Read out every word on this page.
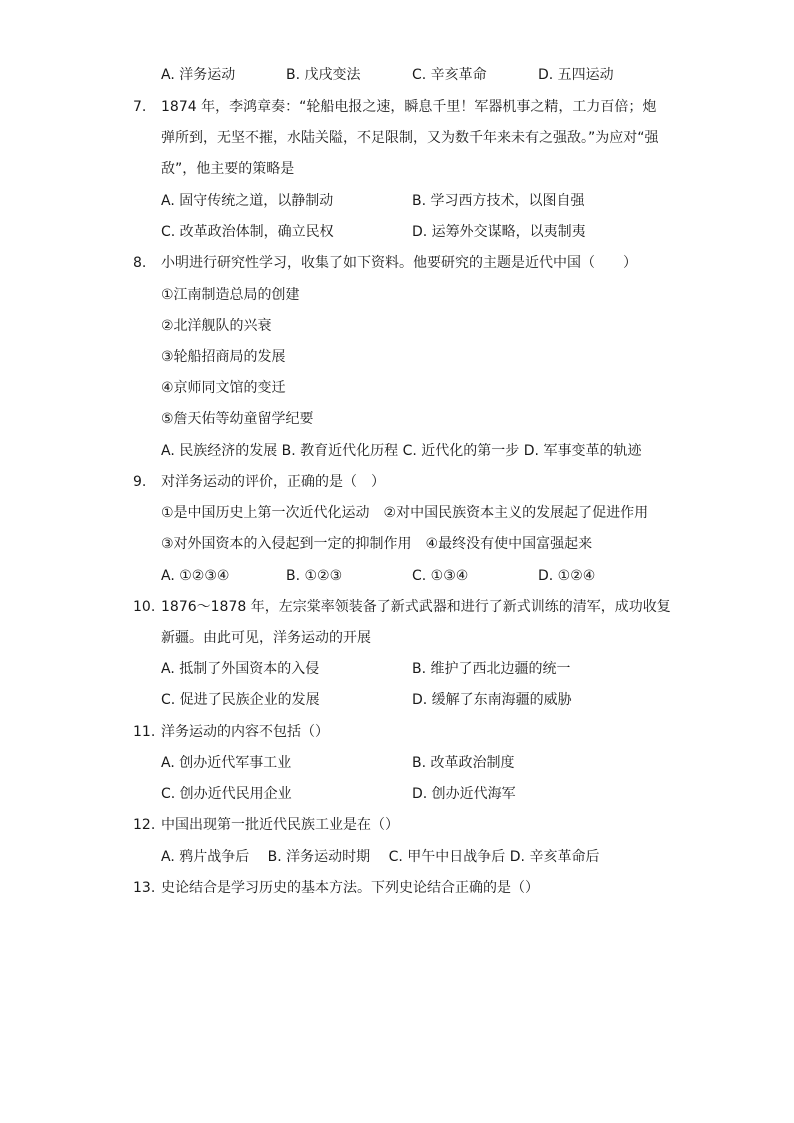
A. 洋务运动	B. 戊戌变法	C. 辛亥革命	D. 五四运动
7. 1874 年，李鸿章奏：“轮船电报之速，瞬息千里！军器机事之精，工力百倍；炮
弹所到，无坚不摧，水陆关隘，不足限制，又为数千年来未有之强敌。”为应对“强
敌”，他主要的策略是
A. 固守传统之道，以静制动	B. 学习西方技术，以图自强
C. 改革政治体制，确立民权	D. 运筹外交谋略，以夷制夷
8. 小明进行研究性学习，收集了如下资料。他要研究的主题是近代中国（　　）
①江南制造总局的创建
②北洋舰队的兴衰
③轮船招商局的发展
④京师同文馆的变迁
⑤詹天佑等幼童留学纪要
A. 民族经济的发展 B. 教育近代化历程 C. 近代化的第一步 D. 军事变革的轨迹
9. 对洋务运动的评价，正确的是（　）
①是中国历史上第一次近代化运动　②对中国民族资本主义的发展起了促进作用
③对外国资本的入侵起到一定的抑制作用　④最终没有使中国富强起来
A. ①②③④	B. ①②③	C. ①③④	D. ①②④
10. 1876～1878 年，左宗棠率领装备了新式武器和进行了新式训练的清军，成功收复
新疆。由此可见，洋务运动的开展
A. 抵制了外国资本的入侵	B. 维护了西北边疆的统一
C. 促进了民族企业的发展	D. 缓解了东南海疆的威胁
11. 洋务运动的内容不包括（）
A. 创办近代军事工业	B. 改革政治制度
C. 创办近代民用企业	D. 创办近代海军
12. 中国出现第一批近代民族工业是在（）
A. 鸦片战争后　 B. 洋务运动时期　 C. 甲午中日战争后 D. 辛亥革命后
13. 史论结合是学习历史的基本方法。下列史论结合正确的是（）
